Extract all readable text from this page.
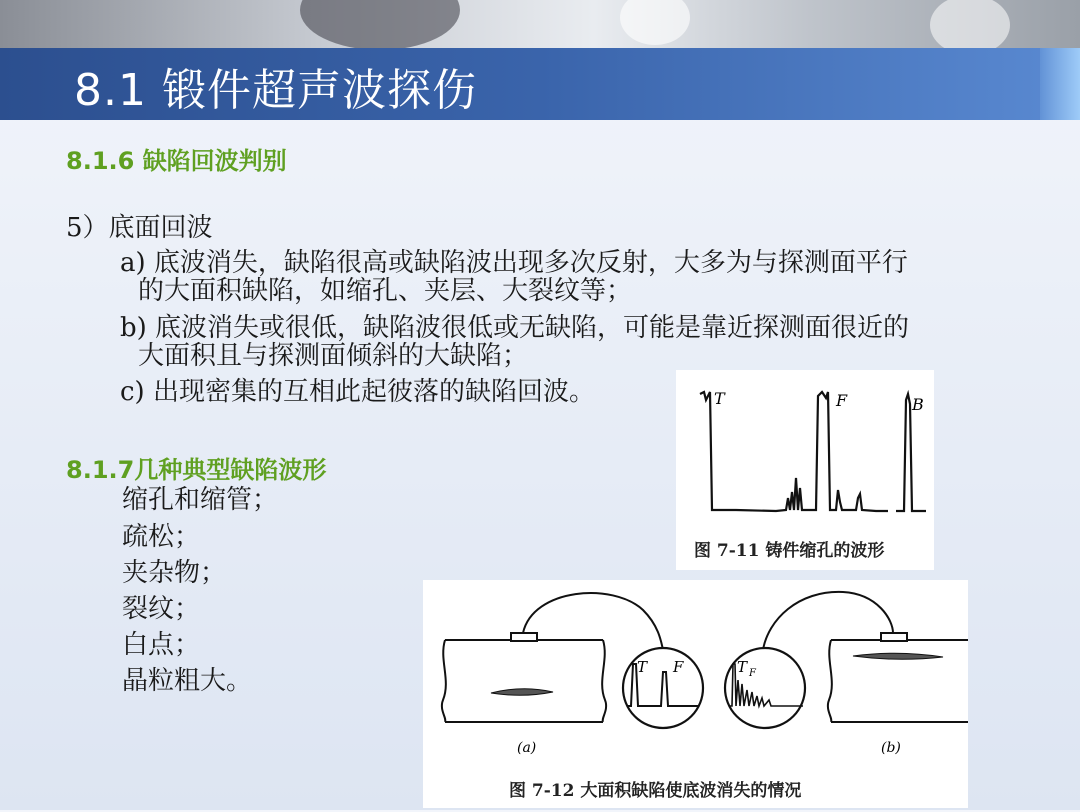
8.1 锻件超声波探伤
8.1.6 缺陷回波判别
5）底面回波
a) 底波消失，缺陷很高或缺陷波出现多次反射，大多为与探测面平行
的大面积缺陷，如缩孔、夹层、大裂纹等；
b) 底波消失或很低，缺陷波很低或无缺陷，可能是靠近探测面很近的
大面积且与探测面倾斜的大缺陷；
c) 出现密集的互相此起彼落的缺陷回波。
8.1.7几种典型缺陷波形
缩孔和缩管；
疏松；
夹杂物；
裂纹；
白点；
晶粒粗大。
T	F
图 7-11 铸件缩孔的波形
B
T F	T F
(a)	(b)
图 7-12 大面积缺陷使底波消失的情况
